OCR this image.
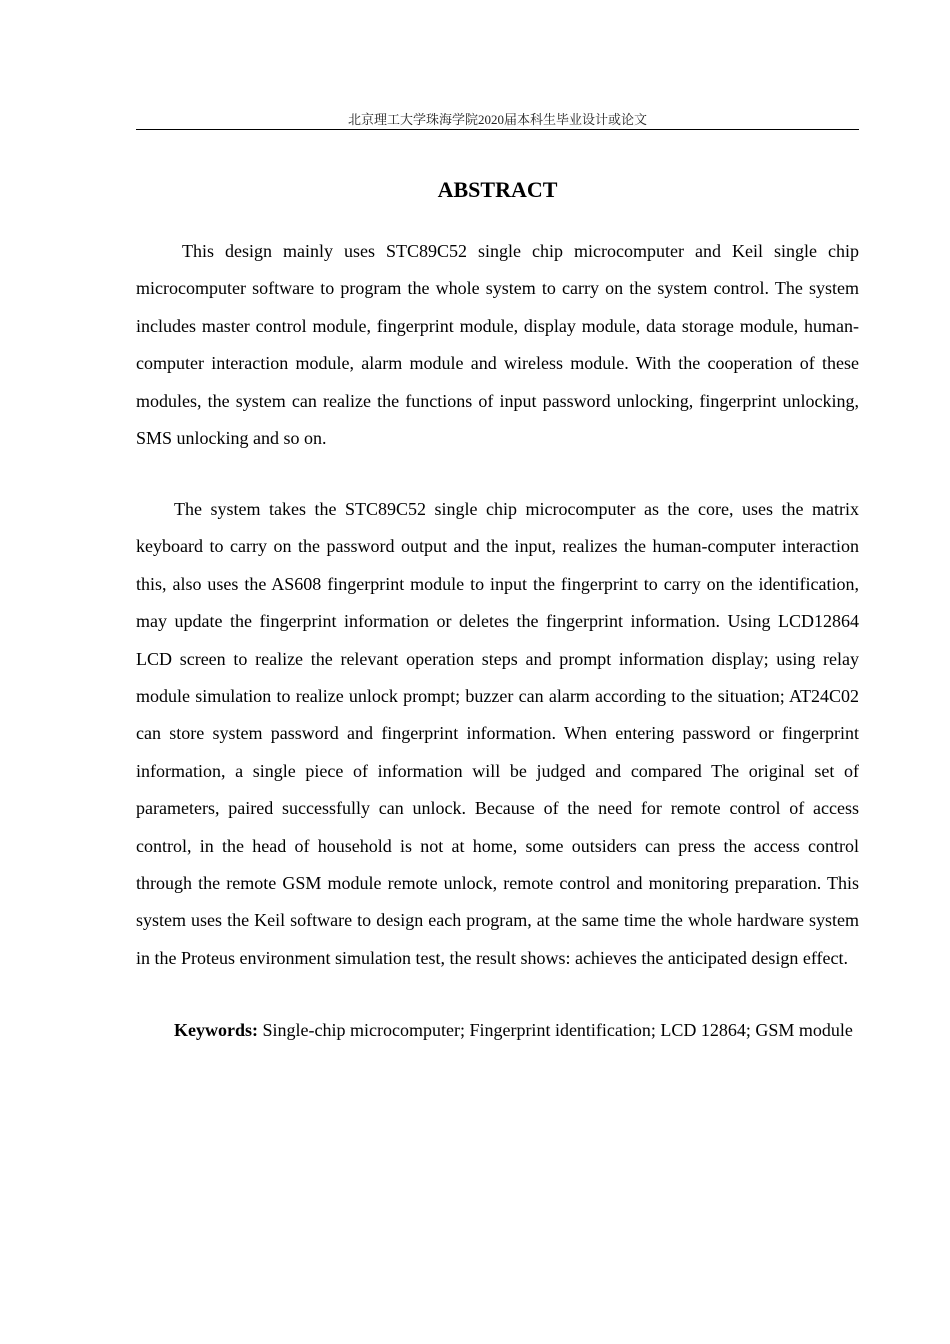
北京理工大学珠海学院2020届本科生毕业设计或论文
ABSTRACT

This design mainly uses STC89C52 single chip microcomputer and Keil single chip microcomputer software to program the whole system to carry on the system control. The system includes master control module, fingerprint module, display module, data storage module, human-computer interaction module, alarm module and wireless module. With the cooperation of these modules, the system can realize the functions of input password unlocking, fingerprint unlocking, SMS unlocking and so on.

The system takes the STC89C52 single chip microcomputer as the core, uses the matrix keyboard to carry on the password output and the input, realizes the human-computer interaction this, also uses the AS608 fingerprint module to input the fingerprint to carry on the identification, may update the fingerprint information or deletes the fingerprint information. Using LCD12864 LCD screen to realize the relevant operation steps and prompt information display; using relay module simulation to realize unlock prompt; buzzer can alarm according to the situation; AT24C02 can store system password and fingerprint information. When entering password or fingerprint information, a single piece of information will be judged and compared The original set of parameters, paired successfully can unlock. Because of the need for remote control of access control, in the head of household is not at home, some outsiders can press the access control through the remote GSM module remote unlock, remote control and monitoring preparation. This system uses the Keil software to design each program, at the same time the whole hardware system in the Proteus environment simulation test, the result shows: achieves the anticipated design effect.

Keywords: Single-chip microcomputer; Fingerprint identification; LCD 12864; GSM module
